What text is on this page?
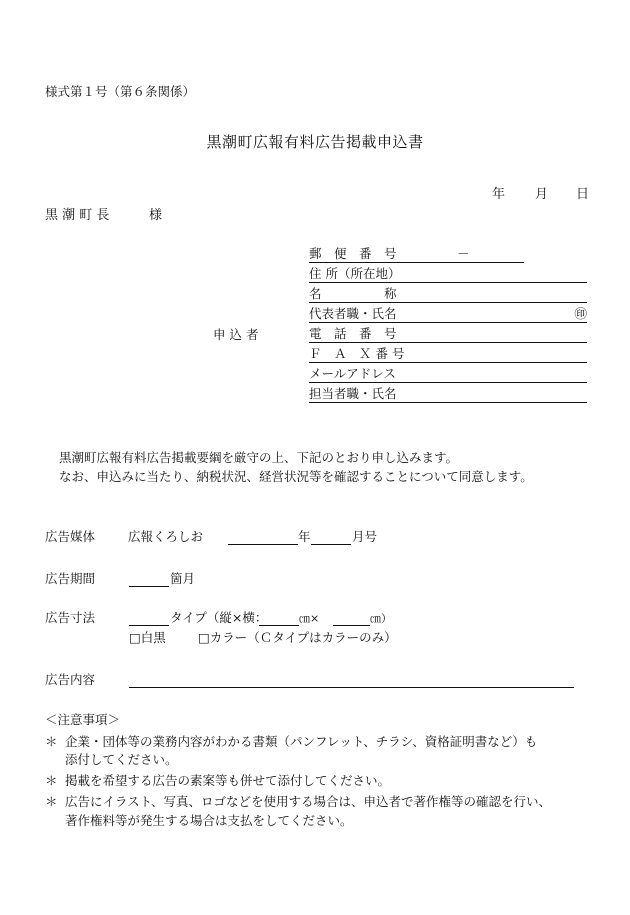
様式第１号（第６条関係）
黒潮町広報有料広告掲載申込書
年 月 日
黒 潮 町 長	様
申 込 者
郵　便　番　号	－
住 所（所在地）
名　　　　　称
代表者職・氏名	㊞
電　話　番　号
Ｆ　Ａ　Ｘ 番 号
メールアドレス
担当者職・氏名
黒潮町広報有料広告掲載要綱を厳守の上、下記のとおり申し込みます。
なお、申込みに当たり、納税状況、経営状況等を確認することについて同意します。
広告媒体	広報くろしお	年	月号
広告期間	箇月
広告寸法	タイプ（縦×横：	㎝×	㎝）
□白黒	□カラー（Ｃタイプはカラーのみ）
広告内容
＜注意事項＞
＊ 企業・団体等の業務内容がわかる書類（パンフレット、チラシ、資格証明書など）も
添付してください。
＊ 掲載を希望する広告の素案等も併せて添付してください。
＊ 広告にイラスト、写真、ロゴなどを使用する場合は、申込者で著作権等の確認を行い、
著作権料等が発生する場合は支払をしてください。
